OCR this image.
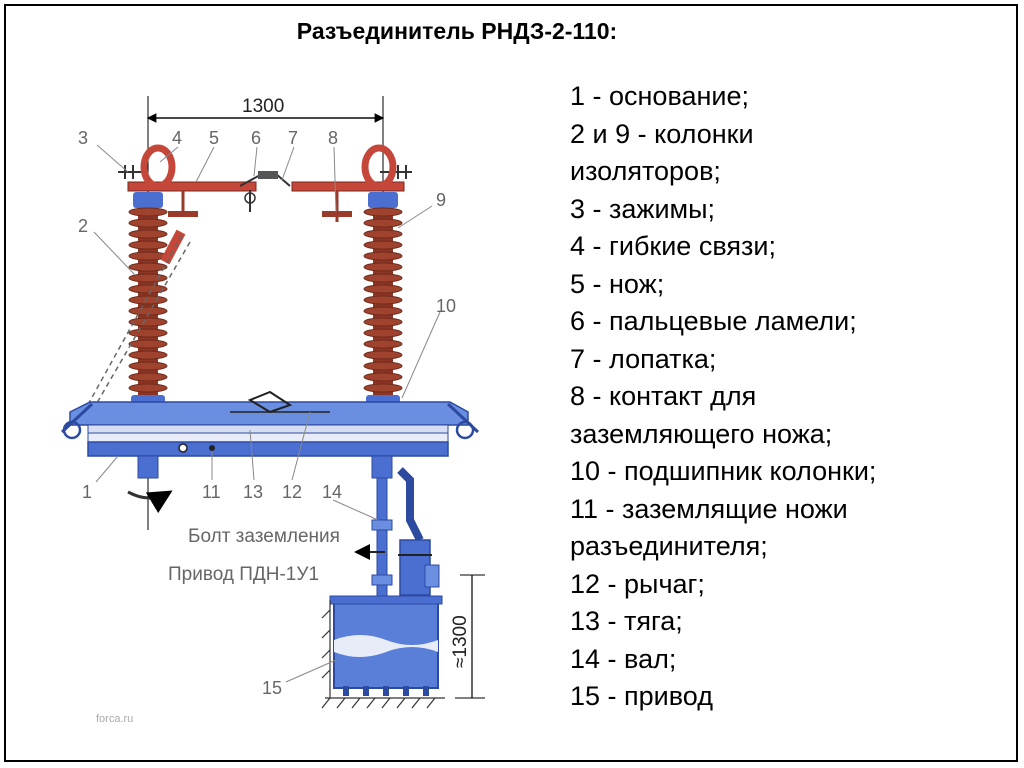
Разъединитель РНДЗ-2-110:
1300
≈1300
3	4 5 6 7 8
2
9
10
1	11 13 12 14
15
Болт заземления
Привод ПДН-1У1
forca.ru
1 - основание;
2 и 9 - колонки
изоляторов;
3 - зажимы;
4 - гибкие связи;
5 - нож;
6 - пальцевые ламели;
7 - лопатка;
8 - контакт для
заземляющего ножа;
10 - подшипник колонки;
11 - заземлящие ножи
разъединителя;
12 - рычаг;
13 - тяга;
14 - вал;
15 - привод
